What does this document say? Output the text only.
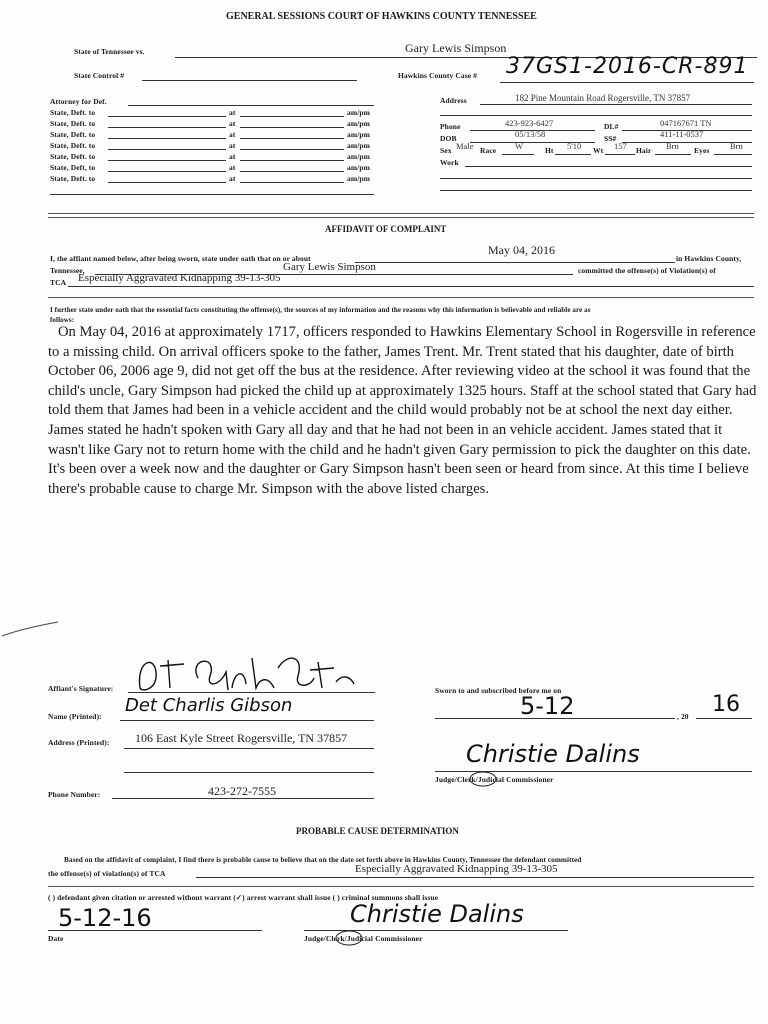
GENERAL SESSIONS COURT OF HAWKINS COUNTY TENNESSEE
State of Tennessee vs.	Gary Lewis Simpson
State Control #	Hawkins County Case # 37GS1-2016-CR-891
Attorney for Def.
State, Deft. to	at	am/pm
State, Deft. to	at	am/pm
State, Deft. to	at	am/pm
State, Deft. to	at	am/pm
State, Deft. to	at	am/pm
State, Deft, to	at	am/pm
State, Deft. to	at	am/pm
Address	182 Pine Mountain Road Rogersville, TN 37857
Phone	423-923-6427	DL#	047167671 TN
DOB	05/13/58	SS#	411-11-0537
Sex Male Race W	Ht 5'10 Wt 157 Hair Brn Eyes Brn
Work
AFFIDAVIT OF COMPLAINT
I, the affiant named below, after being sworn, state under oath that on or about
May 04, 2016
in Hawkins County,
Tennessee,	Gary Lewis Simpson	committed the offense(s) of Violation(s) of
TCA Especially Aggravated Kidnapping 39-13-305
I further state under oath that the essential facts constituting the offense(s), the sources of my information and the reasons why this information is believable and reliable are as
follows:
On May 04, 2016 at approximately 1717, officers responded to Hawkins Elementary School in Rogersville in reference to a missing child. On arrival officers spoke to the father, James Trent. Mr. Trent stated that his daughter, date of birth October 06, 2006 age 9, did not get off the bus at the residence. After reviewing video at the school it was found that the child's uncle, Gary Simpson had picked the child up at approximately 1325 hours. Staff at the school stated that Gary had told them that James had been in a vehicle accident and the child would probably not be at school the next day either. James stated he hadn't spoken with Gary all day and that he had not been in an vehicle accident. James stated that it wasn't like Gary not to return home with the child and he hadn't given Gary permission to pick the daughter on this date. It's been over a week now and the daughter or Gary Simpson hasn't been seen or heard from since. At this time I believe there's probable cause to charge Mr. Simpson with the above listed charges.
Affiant's Signature:
Name (Printed):
Det Charlis Gibson
Address (Printed): 106 East Kyle Street Rogersville, TN 37857
Phone Number:	423-272-7555
Sworn to and subscribed before me on
5-12	, 20 16
Christie Dalins
Judge/Clerk/Judicial Commissioner
PROBABLE CAUSE DETERMINATION
Based on the affidavit of complaint, I find there is probable cause to believe that on the date set forth above in Hawkins County, Tennessee the defendant committed
the offense(s) of violation(s) of TCA	Especially Aggravated Kidnapping 39-13-305
( ) defendant given citation or arrested without warrant (✓) arrest warrant shall issue ( ) criminal summons shall issue
5-12-16
Date
Christie Dalins
Judge/Clerk/Judicial Commissioner
